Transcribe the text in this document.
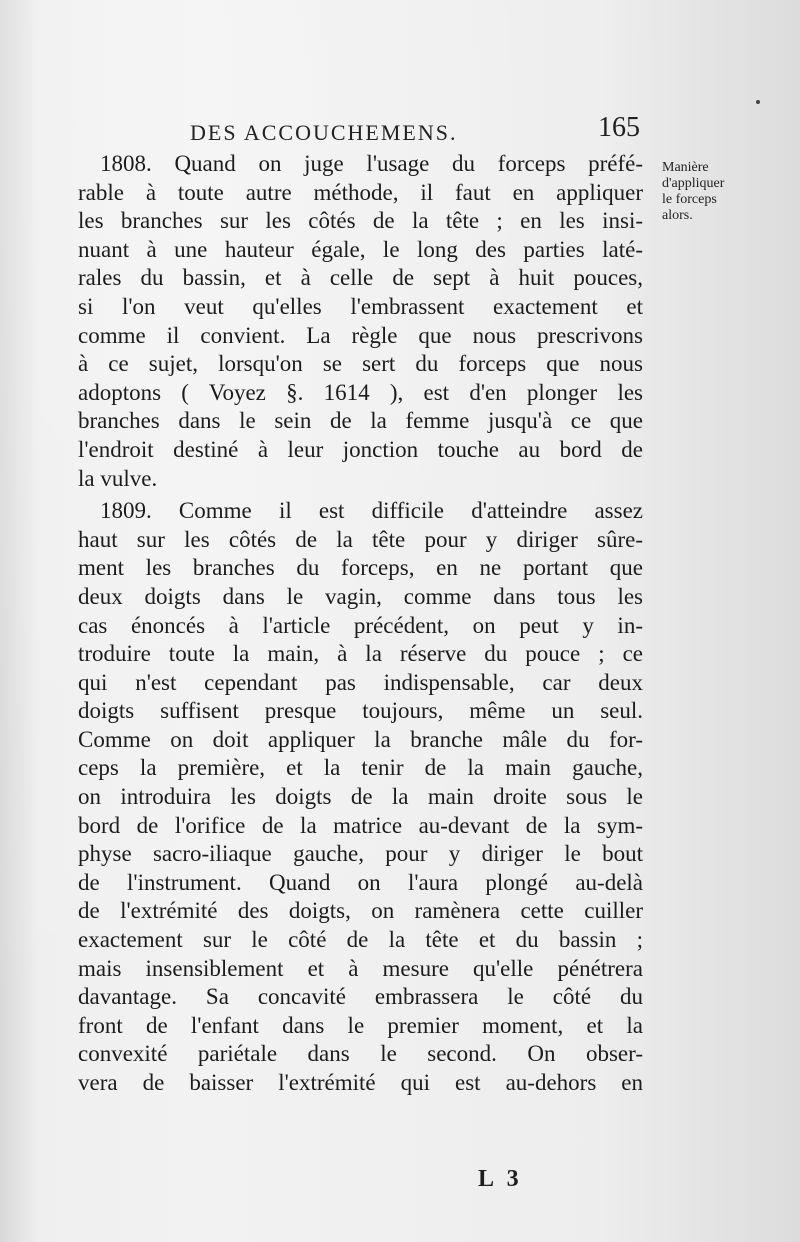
DES ACCOUCHEMENS.	165
Manière
d'appliquer
le forceps
alors.
1808. Quand on juge l'usage du forceps préfé-
rable à toute autre méthode, il faut en appliquer
les branches sur les côtés de la tête ; en les insi-
nuant à une hauteur égale, le long des parties laté-
rales du bassin, et à celle de sept à huit pouces,
si l'on veut qu'elles l'embrassent exactement et
comme il convient. La règle que nous prescrivons
à ce sujet, lorsqu'on se sert du forceps que nous
adoptons ( Voyez §. 1614 ), est d'en plonger les
branches dans le sein de la femme jusqu'à ce que
l'endroit destiné à leur jonction touche au bord de
la vulve.
1809. Comme il est difficile d'atteindre assez
haut sur les côtés de la tête pour y diriger sûre-
ment les branches du forceps, en ne portant que
deux doigts dans le vagin, comme dans tous les
cas énoncés à l'article précédent, on peut y in-
troduire toute la main, à la réserve du pouce ; ce
qui n'est cependant pas indispensable, car deux
doigts suffisent presque toujours, même un seul.
Comme on doit appliquer la branche mâle du for-
ceps la première, et la tenir de la main gauche,
on introduira les doigts de la main droite sous le
bord de l'orifice de la matrice au-devant de la sym-
physe sacro-iliaque gauche, pour y diriger le bout
de l'instrument. Quand on l'aura plongé au-delà
de l'extrémité des doigts, on ramènera cette cuiller
exactement sur le côté de la tête et du bassin ;
mais insensiblement et à mesure qu'elle pénétrera
davantage. Sa concavité embrassera le côté du
front de l'enfant dans le premier moment, et la
convexité pariétale dans le second. On obser-
vera de baisser l'extrémité qui est au-dehors en
L 3
